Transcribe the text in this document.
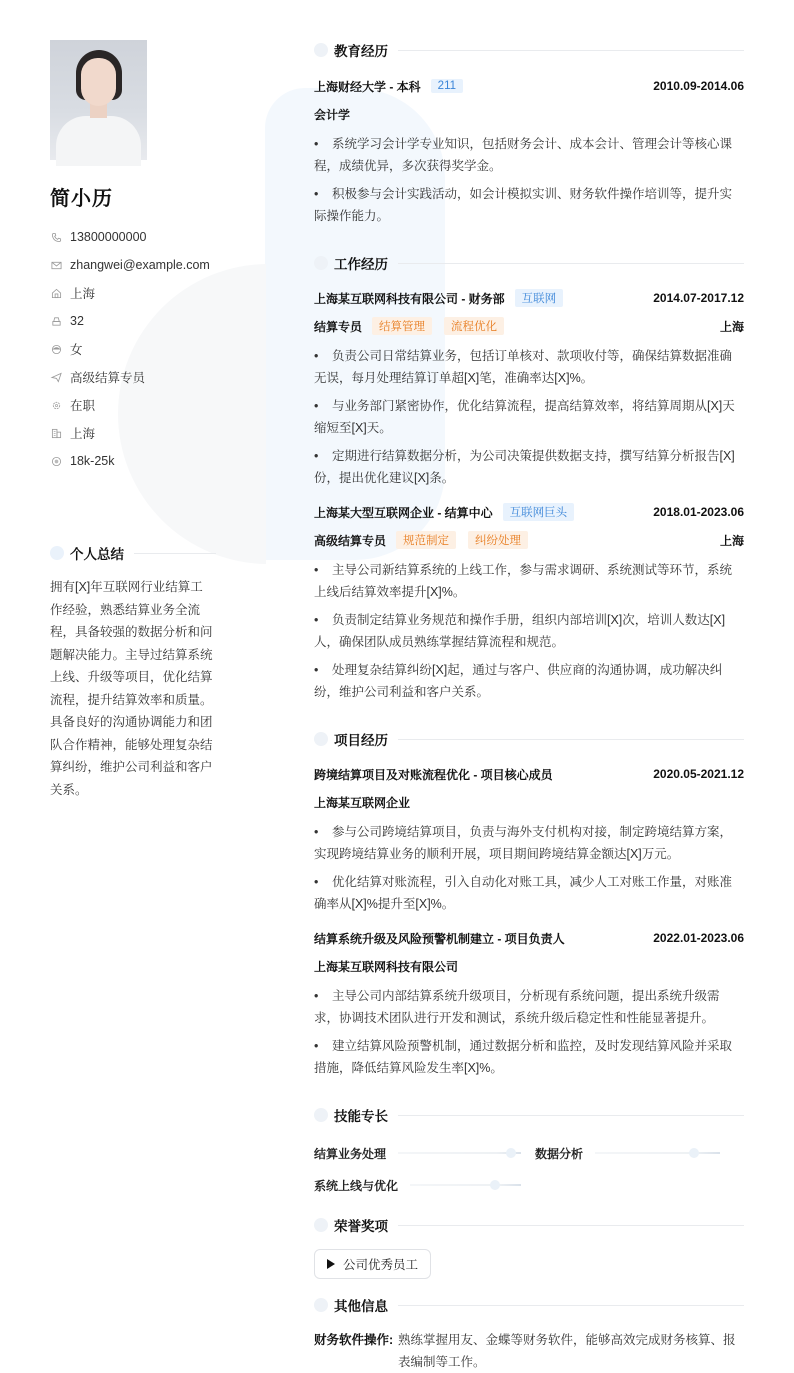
简小历
13800000000
zhangwei@example.com
上海
32
女
高级结算专员
在职
上海
18k-25k
个人总结
拥有[X]年互联网行业结算工作经验，熟悉结算业务全流程，具备较强的数据分析和问题解决能力。主导过结算系统上线、升级等项目，优化结算流程，提升结算效率和质量。具备良好的沟通协调能力和团队合作精神，能够处理复杂结算纠纷，维护公司利益和客户关系。
教育经历
上海财经大学 - 本科	211	2010.09-2014.06
会计学
• 系统学习会计学专业知识，包括财务会计、成本会计、管理会计等核心课程，成绩优异，多次获得奖学金。
• 积极参与会计实践活动，如会计模拟实训、财务软件操作培训等，提升实际操作能力。
工作经历
上海某互联网科技有限公司 - 财务部	互联网	2014.07-2017.12
结算专员	结算管理	流程优化	上海
• 负责公司日常结算业务，包括订单核对、款项收付等，确保结算数据准确无误，每月处理结算订单超[X]笔，准确率达[X]%。
• 与业务部门紧密协作，优化结算流程，提高结算效率，将结算周期从[X]天缩短至[X]天。
• 定期进行结算数据分析，为公司决策提供数据支持，撰写结算分析报告[X]份，提出优化建议[X]条。
上海某大型互联网企业 - 结算中心	互联网巨头	2018.01-2023.06
高级结算专员	规范制定	纠纷处理	上海
• 主导公司新结算系统的上线工作，参与需求调研、系统测试等环节，系统上线后结算效率提升[X]%。
• 负责制定结算业务规范和操作手册，组织内部培训[X]次，培训人数达[X]人，确保团队成员熟练掌握结算流程和规范。
• 处理复杂结算纠纷[X]起，通过与客户、供应商的沟通协调，成功解决纠纷，维护公司利益和客户关系。
项目经历
跨境结算项目及对账流程优化 - 项目核心成员	2020.05-2021.12
上海某互联网企业
• 参与公司跨境结算项目，负责与海外支付机构对接，制定跨境结算方案，实现跨境结算业务的顺利开展，项目期间跨境结算金额达[X]万元。
• 优化结算对账流程，引入自动化对账工具，减少人工对账工作量，对账准确率从[X]%提升至[X]%。
结算系统升级及风险预警机制建立 - 项目负责人	2022.01-2023.06
上海某互联网科技有限公司
• 主导公司内部结算系统升级项目，分析现有系统问题，提出系统升级需求，协调技术团队进行开发和测试，系统升级后稳定性和性能显著提升。
• 建立结算风险预警机制，通过数据分析和监控，及时发现结算风险并采取措施，降低结算风险发生率[X]%。
技能专长
结算业务处理	数据分析
系统上线与优化
荣誉奖项
公司优秀员工
其他信息
财务软件操作: 熟练掌握用友、金蝶等财务软件，能够高效完成财务核算、报表编制等工作。
